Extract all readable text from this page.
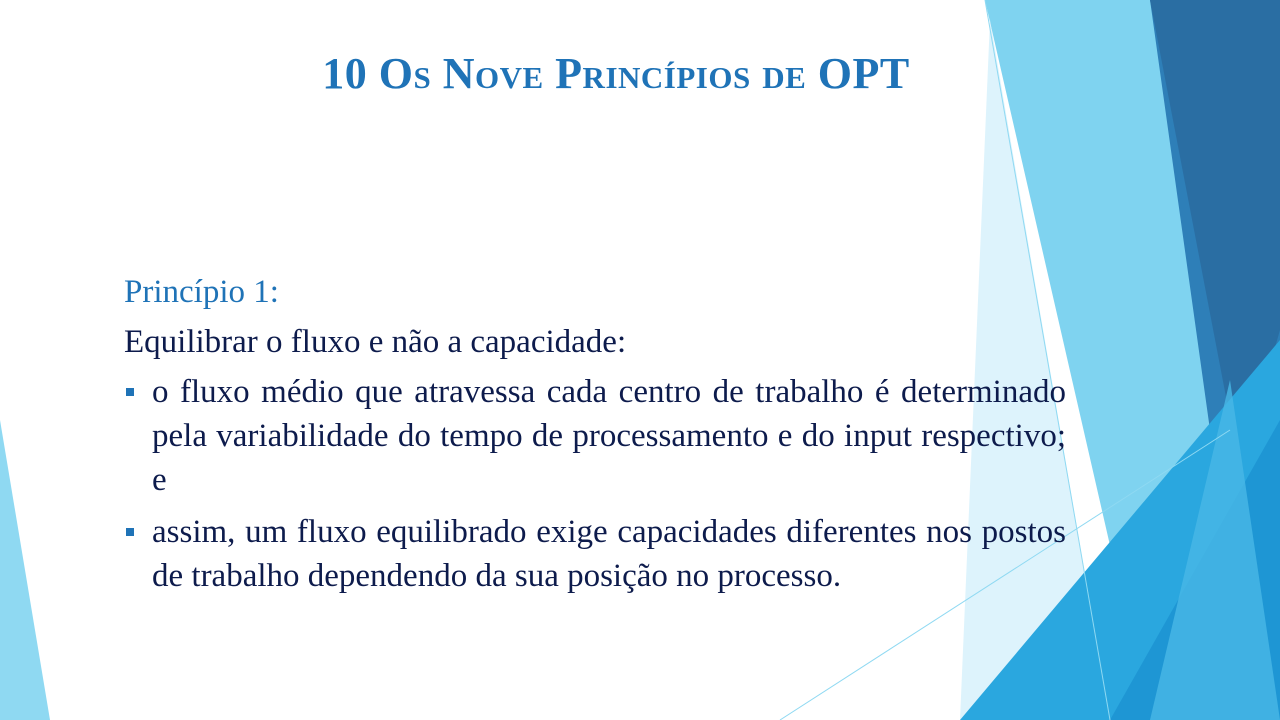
10 Os Nove Princípios de OPT
Princípio 1:
Equilibrar o fluxo e não a capacidade:
o fluxo médio que atravessa cada centro de trabalho é determinado pela variabilidade do tempo de processamento e do input respectivo; e
assim, um fluxo equilibrado exige capacidades diferentes nos postos de trabalho dependendo da sua posição no processo.
